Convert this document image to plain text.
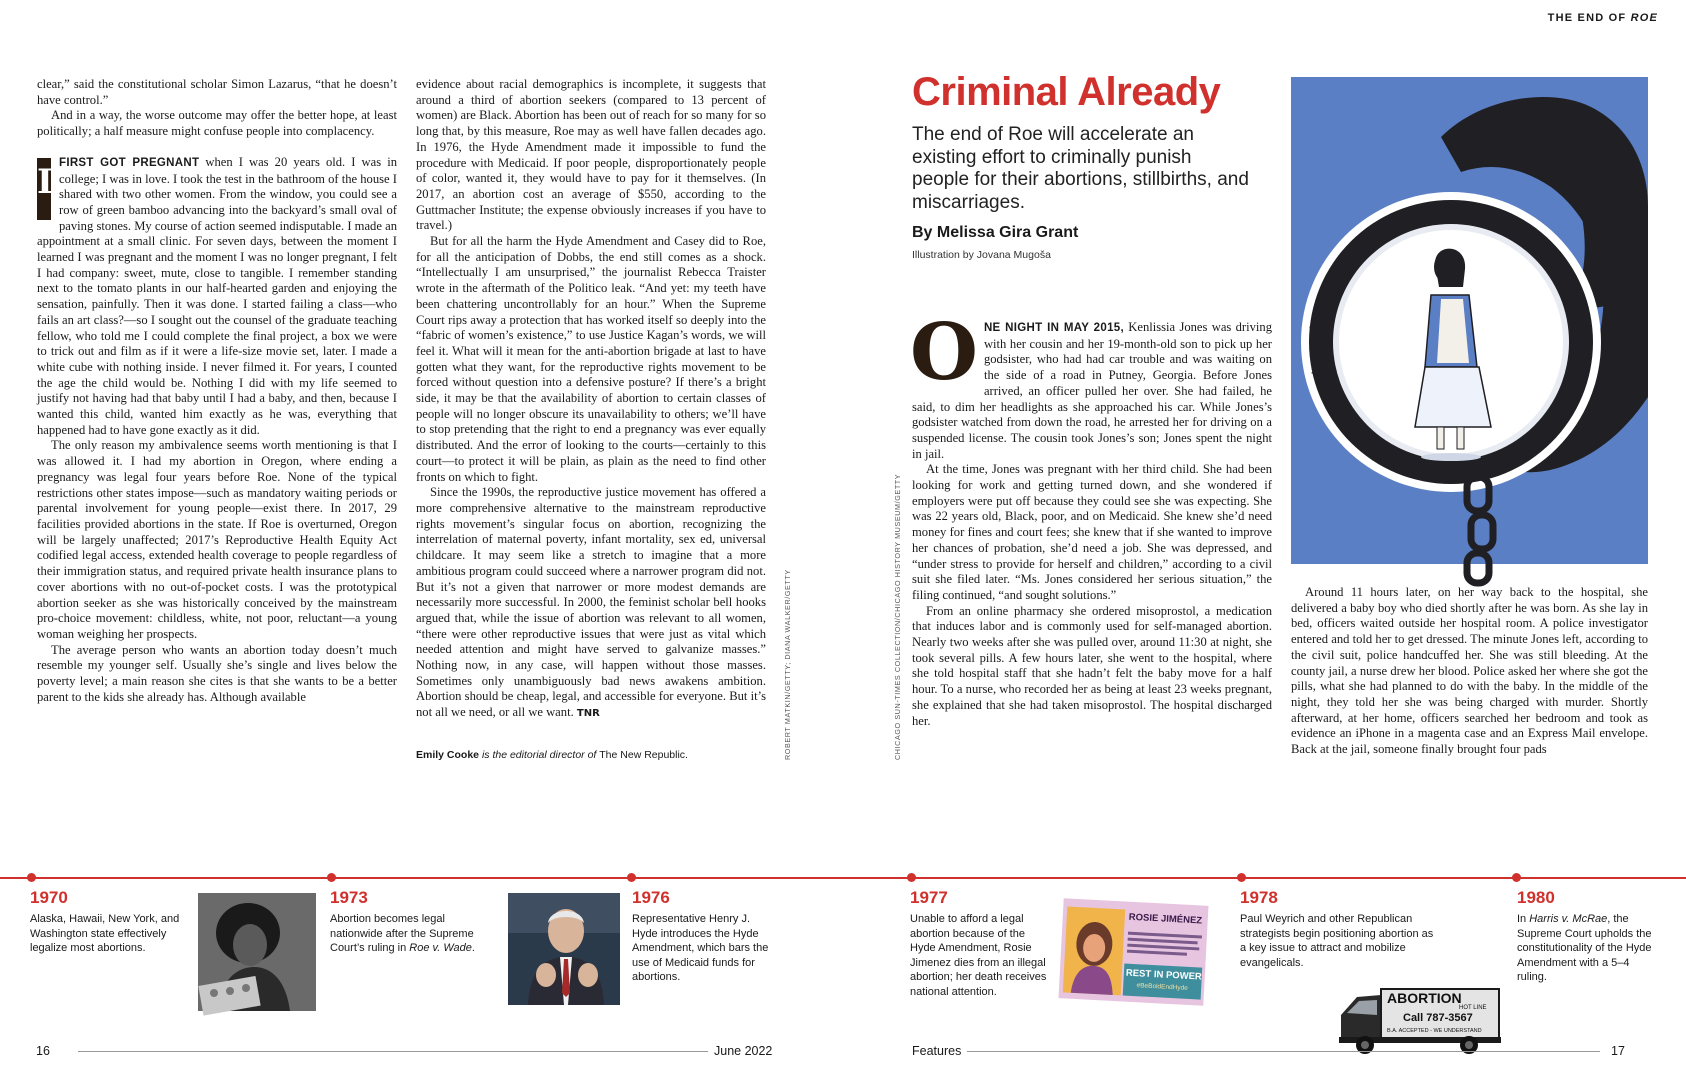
THE END OF ROE

clear,” said the constitutional scholar Simon Lazarus, “that he doesn’t have control.”

And in a way, the worse outcome may offer the better hope, at least politically; a half measure might confuse people into complacency.

I FIRST GOT PREGNANT when I was 20 years old. I was in college; I was in love. I took the test in the bathroom of the house I shared with two other women. From the window, you could see a row of green bamboo advancing into the backyard’s small oval of paving stones. My course of action seemed indisputable. I made an appointment at a small clinic. For seven days, between the moment I learned I was pregnant and the moment I was no longer pregnant, I felt I had company: sweet, mute, close to tangible. I remember standing next to the tomato plants in our half-hearted garden and enjoying the sensation, painfully. Then it was done. I started failing a class—who fails an art class?—so I sought out the counsel of the graduate teaching fellow, who told me I could complete the final project, a box we were to trick out and film as if it were a life-size movie set, later. I made a white cube with nothing inside. I never filmed it. For years, I counted the age the child would be. Nothing I did with my life seemed to justify not having had that baby until I had a baby, and then, because I wanted this child, wanted him exactly as he was, everything that happened had to have gone exactly as it did.

The only reason my ambivalence seems worth mentioning is that I was allowed it. I had my abortion in Oregon, where ending a pregnancy was legal four years before Roe. None of the typical restrictions other states impose—such as mandatory waiting periods or parental involvement for young people—exist there. In 2017, 29 facilities provided abortions in the state. If Roe is overturned, Oregon will be largely unaffected; 2017’s Reproductive Health Equity Act codified legal access, extended health coverage to people regardless of their immigration status, and required private health insurance plans to cover abortions with no out-of-pocket costs. I was the prototypical abortion seeker as she was historically conceived by the mainstream pro-choice movement: childless, white, not poor, reluctant—a young woman weighing her prospects.

The average person who wants an abortion today doesn’t much resemble my younger self. Usually she’s single and lives below the poverty level; a main reason she cites is that she wants to be a better parent to the kids she already has. Although available

evidence about racial demographics is incomplete, it suggests that around a third of abortion seekers (compared to 13 percent of women) are Black. Abortion has been out of reach for so many for so long that, by this measure, Roe may as well have fallen decades ago. In 1976, the Hyde Amendment made it impossible to fund the procedure with Medicaid. If poor people, disproportionately people of color, wanted it, they would have to pay for it themselves. (In 2017, an abortion cost an average of $550, according to the Guttmacher Institute; the expense obviously increases if you have to travel.)

But for all the harm the Hyde Amendment and Casey did to Roe, for all the anticipation of Dobbs, the end still comes as a shock. “Intellectually I am unsurprised,” the journalist Rebecca Traister wrote in the aftermath of the Politico leak. “And yet: my teeth have been chattering uncontrollably for an hour.” When the Supreme Court rips away a protection that has worked itself so deeply into the “fabric of women’s existence,” to use Justice Kagan’s words, we will feel it. What will it mean for the anti-abortion brigade at last to have gotten what they want, for the reproductive rights movement to be forced without question into a defensive posture? If there’s a bright side, it may be that the availability of abortion to certain classes of people will no longer obscure its unavailability to others; we’ll have to stop pretending that the right to end a pregnancy was ever equally distributed. And the error of looking to the courts—certainly to this court—to protect it will be plain, as plain as the need to find other fronts on which to fight.

Since the 1990s, the reproductive justice movement has offered a more comprehensive alternative to the mainstream reproductive rights movement’s singular focus on abortion, recognizing the interrelation of maternal poverty, infant mortality, sex ed, universal childcare. It may seem like a stretch to imagine that a more ambitious program could succeed where a narrower program did not. But it’s not a given that narrower or more modest demands are necessarily more successful. In 2000, the feminist scholar bell hooks argued that, while the issue of abortion was relevant to all women, “there were other reproductive issues that were just as vital which needed attention and might have served to galvanize masses.” Nothing now, in any case, will happen without those masses. Sometimes only unambiguously bad news awakens ambition. Abortion should be cheap, legal, and accessible for everyone. But it’s not all we need, or all we want. TNR

Emily Cooke is the editorial director of The New Republic.	ROBERT MATKIN/GETTY; DIANA WALKER/GETTY	CHICAGO SUN-TIMES COLLECTION/CHICAGO HISTORY MUSEUM/GETTY
Criminal Already
The end of Roe will accelerate an existing effort to criminally punish people for their abortions, stillbirths, and miscarriages.
By Melissa Gira Grant
Illustration by Jovana Mugoša

ONE NIGHT IN MAY 2015, Kenlissia Jones was driving with her cousin and her 19-month-old son to pick up her godsister, who had had car trouble and was waiting on the side of a road in Putney, Georgia. Before Jones arrived, an officer pulled her over. She had failed, he said, to dim her headlights as she approached his car. While Jones’s godsister watched from down the road, he arrested her for driving on a suspended license. The cousin took Jones’s son; Jones spent the night in jail.

At the time, Jones was pregnant with her third child. She had been looking for work and getting turned down, and she wondered if employers were put off because they could see she was expecting. She was 22 years old, Black, poor, and on Medicaid. She knew she’d need money for fines and court fees; she knew that if she wanted to improve her chances of probation, she’d need a job. She was depressed, and “under stress to provide for herself and children,” according to a civil suit she filed later. “Ms. Jones considered her serious situation,” the filing continued, “and sought solutions.”

From an online pharmacy she ordered misoprostol, a medication that induces labor and is commonly used for self-managed abortion. Nearly two weeks after she was pulled over, around 11:30 at night, she took several pills. A few hours later, she went to the hospital, where she told hospital staff that she hadn’t felt the baby move for a half hour. To a nurse, who recorded her as being at least 23 weeks pregnant, she explained that she had taken misoprostol. The hospital discharged her.

Around 11 hours later, on her way back to the hospital, she delivered a baby boy who died shortly after he was born. As she lay in bed, officers waited outside her hospital room. A police investigator entered and told her to get dressed. The minute Jones left, according to the civil suit, police handcuffed her. She was still bleeding. At the county jail, a nurse drew her blood. Police asked her where she got the pills, what she had planned to do with the baby. In the middle of the night, they told her she was being charged with murder. Shortly afterward, at her home, officers searched her bedroom and took as evidence an iPhone in a magenta case and an Express Mail envelope. Back at the jail, someone finally brought four pads

1970
Alaska, Hawaii, New York, and Washington state effectively legalize most abortions.
1973
Abortion becomes legal nationwide after the Supreme Court’s ruling in Roe v. Wade.
1976
Representative Henry J. Hyde introduces the Hyde Amendment, which bars the use of Medicaid funds for abortions.
1977
Unable to afford a legal abortion because of the Hyde Amendment, Rosie Jimenez dies from an illegal abortion; her death receives national attention.
ROSIE JIMÉNEZ
REST IN POWER
#BeBoldEndHyde
1978
Paul Weyrich and other Republican strategists begin positioning abortion as a key issue to attract and mobilize evangelicals.
ABORTION
HOT LINE
Call 787-3567
B.A. ACCEPTED - WE UNDERSTAND
1980
In Harris v. McRae, the Supreme Court upholds the constitutionality of the Hyde Amendment with a 5–4 ruling.
16	June 2022	Features	17
